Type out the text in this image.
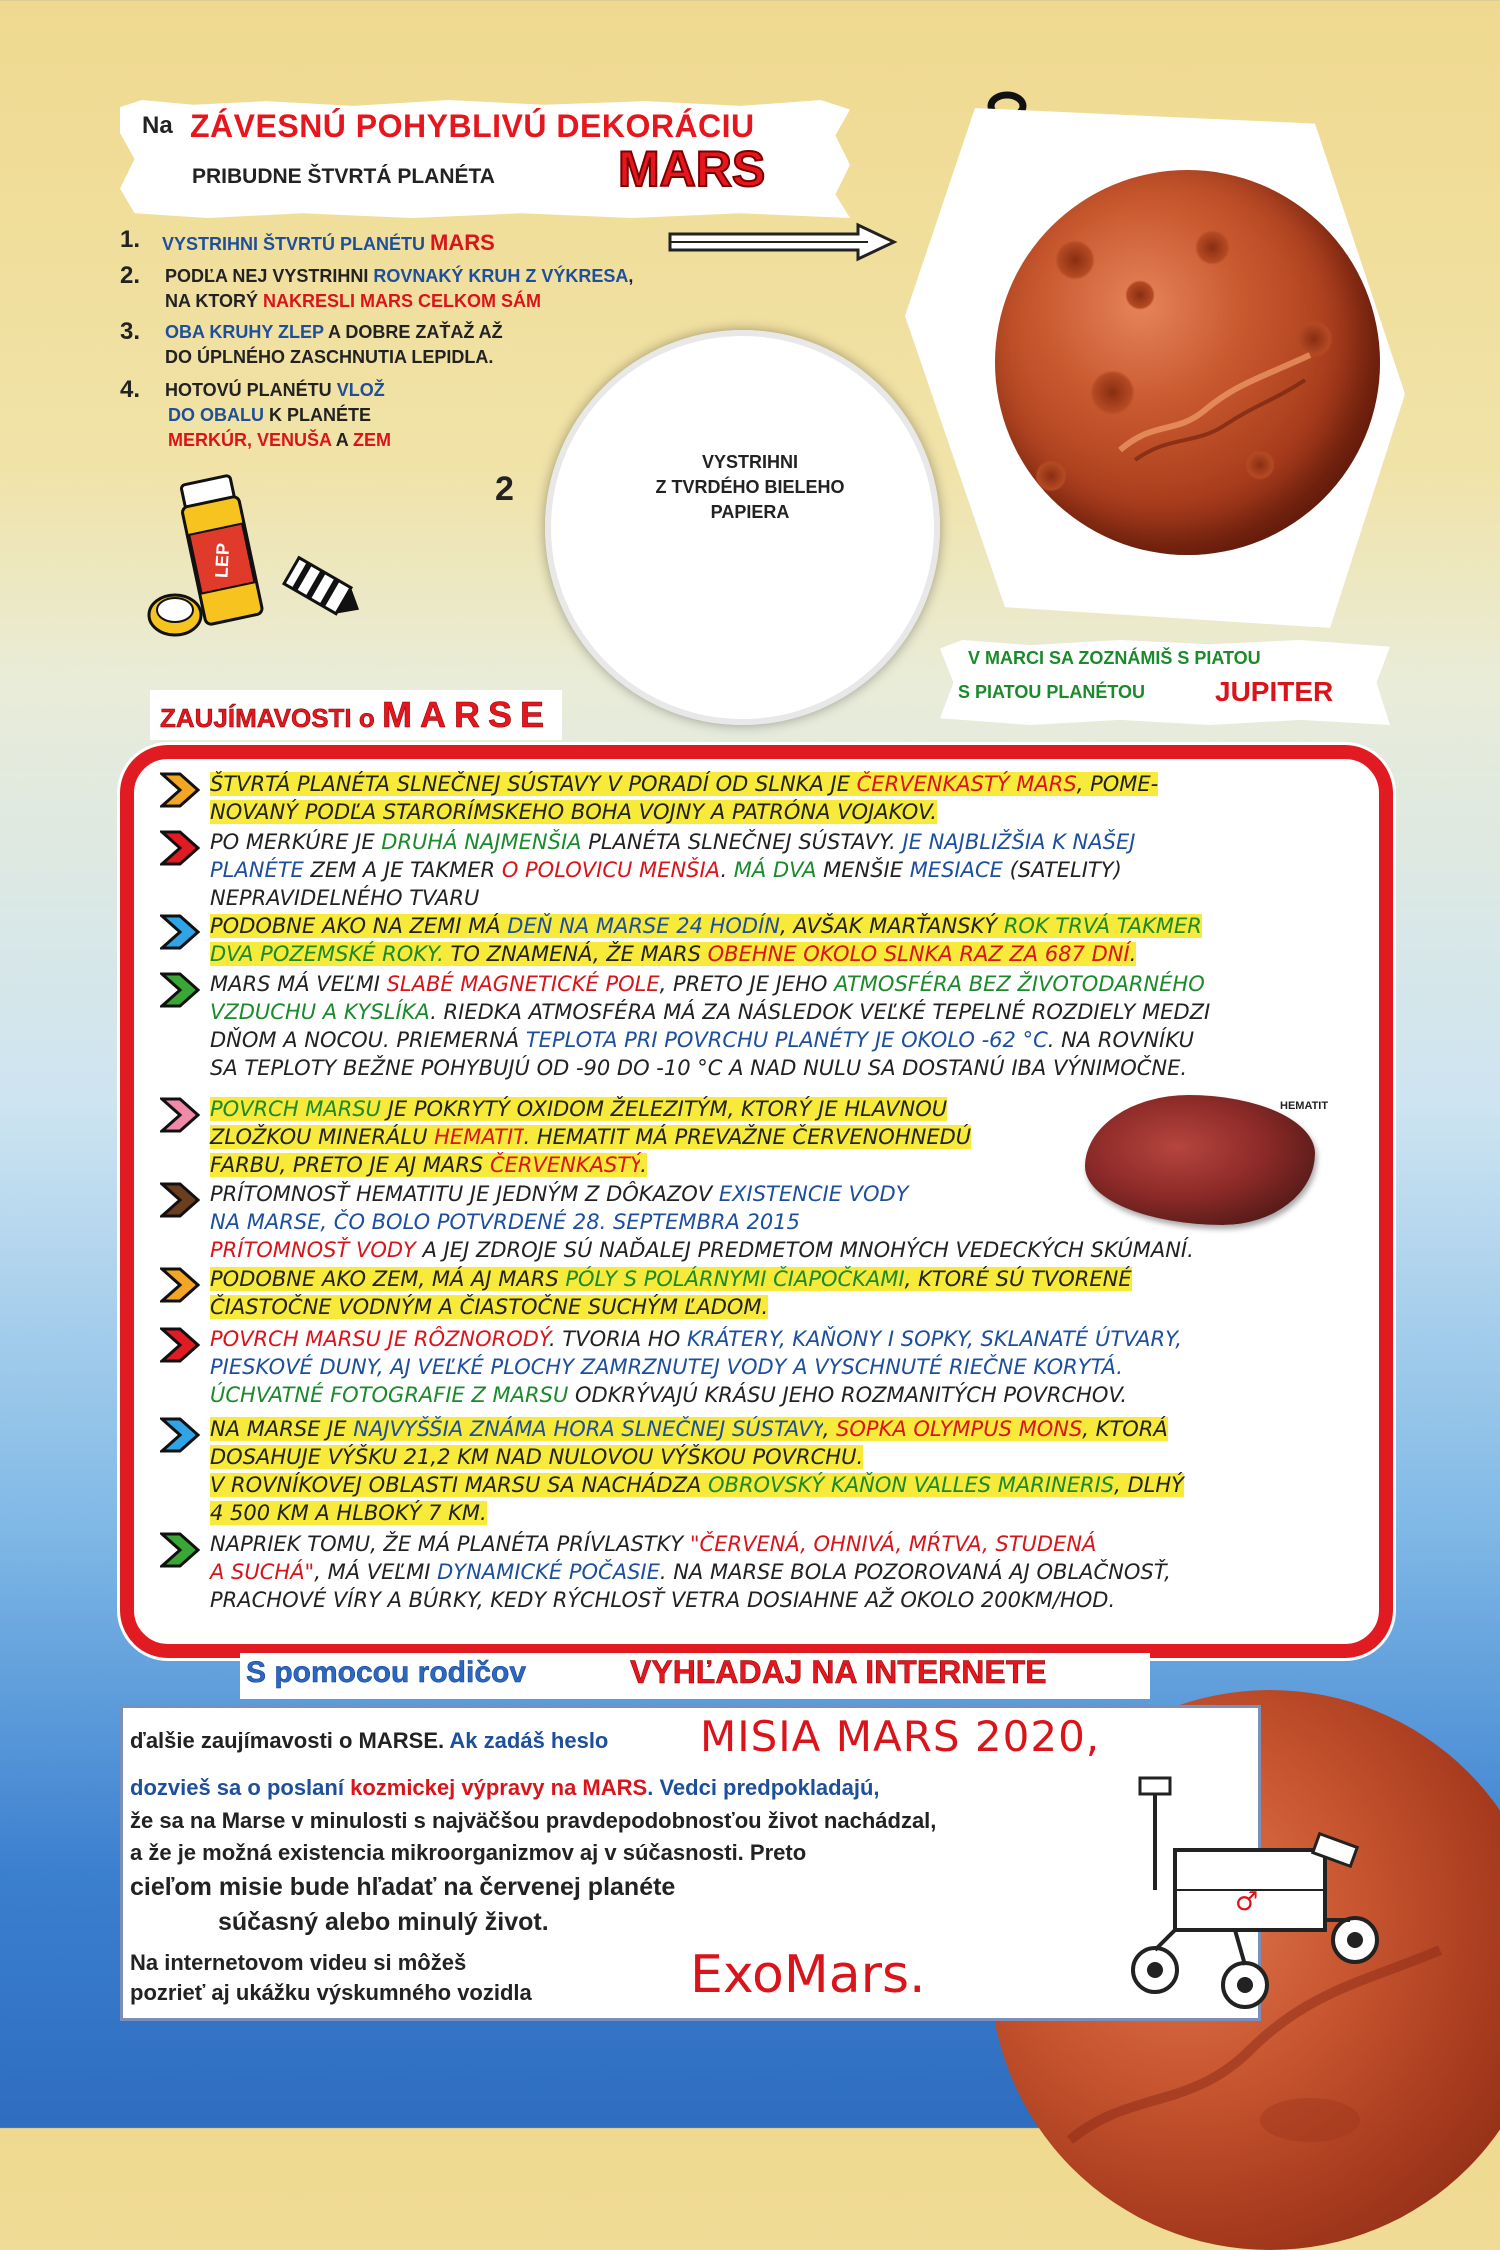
Na ZÁVESNÚ POHYBLIVÚ DEKORÁCIU
PRIBUDNE ŠTVRTÁ PLANÉTA MARS
1. VYSTRIHNI ŠTVRTÚ PLANÉTU MARS
2. PODĽA NEJ VYSTRIHNI ROVNAKÝ KRUH Z VÝKRESA,
NA KTORÝ NAKRESLI MARS CELKOM SÁM
3. OBA KRUHY ZLEP A DOBRE ZAŤAŽ AŽ
DO ÚPLNÉHO ZASCHNUTIA LEPIDLA.
4. HOTOVÚ PLANÉTU VLOŽ
DO OBALU K PLANÉTE
MERKÚR, VENUŠA A ZEM
VYSTRIHNI
Z TVRDÉHO BIELEHO
PAPIERA
2
LEP
V MARCI SA ZOZNÁMIŠ S PIATOU
S PIATOU PLANÉTOU JUPITER
ZAUJÍMAVOSTI o MARSE
ŠTVRTÁ PLANÉTA SLNEČNEJ SÚSTAVY V PORADÍ OD SLNKA JE ČERVENKASTÝ MARS, POME-
NOVANÝ PODĽA STARORÍMSKEHO BOHA VOJNY A PATRÓNA VOJAKOV.
PO MERKÚRE JE DRUHÁ NAJMENŠIA PLANÉTA SLNEČNEJ SÚSTAVY. JE NAJBLIŽŠIA K NAŠEJ
PLANÉTE ZEM A JE TAKMER O POLOVICU MENŠIA. MÁ DVA MENŠIE MESIACE (SATELITY)
NEPRAVIDELNÉHO TVARU
PODOBNE AKO NA ZEMI MÁ DEŇ NA MARSE 24 HODÍN, AVŠAK MARŤANSKÝ ROK TRVÁ TAKMER
DVA POZEMSKÉ ROKY. TO ZNAMENÁ, ŽE MARS OBEHNE OKOLO SLNKA RAZ ZA 687 DNÍ.
MARS MÁ VEĽMI SLABÉ MAGNETICKÉ POLE, PRETO JE JEHO ATMOSFÉRA BEZ ŽIVOTODARNÉHO
VZDUCHU A KYSLÍKA. RIEDKA ATMOSFÉRA MÁ ZA NÁSLEDOK VEĽKÉ TEPELNÉ ROZDIELY MEDZI
DŇOM A NOCOU. PRIEMERNÁ TEPLOTA PRI POVRCHU PLANÉTY JE OKOLO -62 °C. NA ROVNÍKU
SA TEPLOTY BEŽNE POHYBUJÚ OD -90 DO -10 °C A NAD NULU SA DOSTANÚ IBA VÝNIMOČNE.
POVRCH MARSU JE POKRYTÝ OXIDOM ŽELEZITÝM, KTORÝ JE HLAVNOU
ZLOŽKOU MINERÁLU HEMATIT. HEMATIT MÁ PREVAŽNE ČERVENOHNEDÚ
FARBU, PRETO JE AJ MARS ČERVENKASTÝ.
PRÍTOMNOSŤ HEMATITU JE JEDNÝM Z DÔKAZOV EXISTENCIE VODY
NA MARSE, ČO BOLO POTVRDENÉ 28. SEPTEMBRA 2015
PRÍTOMNOSŤ VODY A JEJ ZDROJE SÚ NAĎALEJ PREDMETOM MNOHÝCH VEDECKÝCH SKÚMANÍ.
PODOBNE AKO ZEM, MÁ AJ MARS PÓLY S POLÁRNYMI ČIAPOČKAMI, KTORÉ SÚ TVORENÉ
ČIASTOČNE VODNÝM A ČIASTOČNE SUCHÝM ĽADOM.
POVRCH MARSU JE RÔZNORODÝ. TVORIA HO KRÁTERY, KAŇONY I SOPKY, SKLANATÉ ÚTVARY,
PIESKOVÉ DUNY, AJ VEĽKÉ PLOCHY ZAMRZNUTEJ VODY A VYSCHNUTÉ RIEČNE KORYTÁ.
ÚCHVATNÉ FOTOGRAFIE Z MARSU ODKRÝVAJÚ KRÁSU JEHO ROZMANITÝCH POVRCHOV.
NA MARSE JE NAJVYŠŠIA ZNÁMA HORA SLNEČNEJ SÚSTAVY, SOPKA OLYMPUS MONS, KTORÁ
DOSAHUJE VÝŠKU 21,2 KM NAD NULOVOU VÝŠKOU POVRCHU.
V ROVNÍKOVEJ OBLASTI MARSU SA NACHÁDZA OBROVSKÝ KAŇON VALLES MARINERIS, DLHÝ
4 500 KM A HLBOKÝ 7 KM.
NAPRIEK TOMU, ŽE MÁ PLANÉTA PRÍVLASTKY "ČERVENÁ, OHNIVÁ, MŔTVA, STUDENÁ
A SUCHÁ", MÁ VEĽMI DYNAMICKÉ POČASIE. NA MARSE BOLA POZOROVANÁ AJ OBLAČNOSŤ,
PRACHOVÉ VÍRY A BÚRKY, KEDY RÝCHLOSŤ VETRA DOSIAHNE AŽ OKOLO 200KM/HOD.
HEMATIT
S pomocou rodičov	VYHĽADAJ NA INTERNETE
ďalšie zaujímavosti o MARSE. Ak zadáš heslo MISIA MARS 2020,
dozvieš sa o poslaní kozmickej výpravy na MARS. Vedci predpokladajú,
že sa na Marse v minulosti s najväčšou pravdepodobnosťou život nachádzal,
a že je možná existencia mikroorganizmov aj v súčasnosti. Preto
cieľom misie bude hľadať na červenej planéte
súčasný alebo minulý život.
Na internetovom videu si môžeš
pozrieť aj ukážku výskumného vozidla	ExoMars.
♂
